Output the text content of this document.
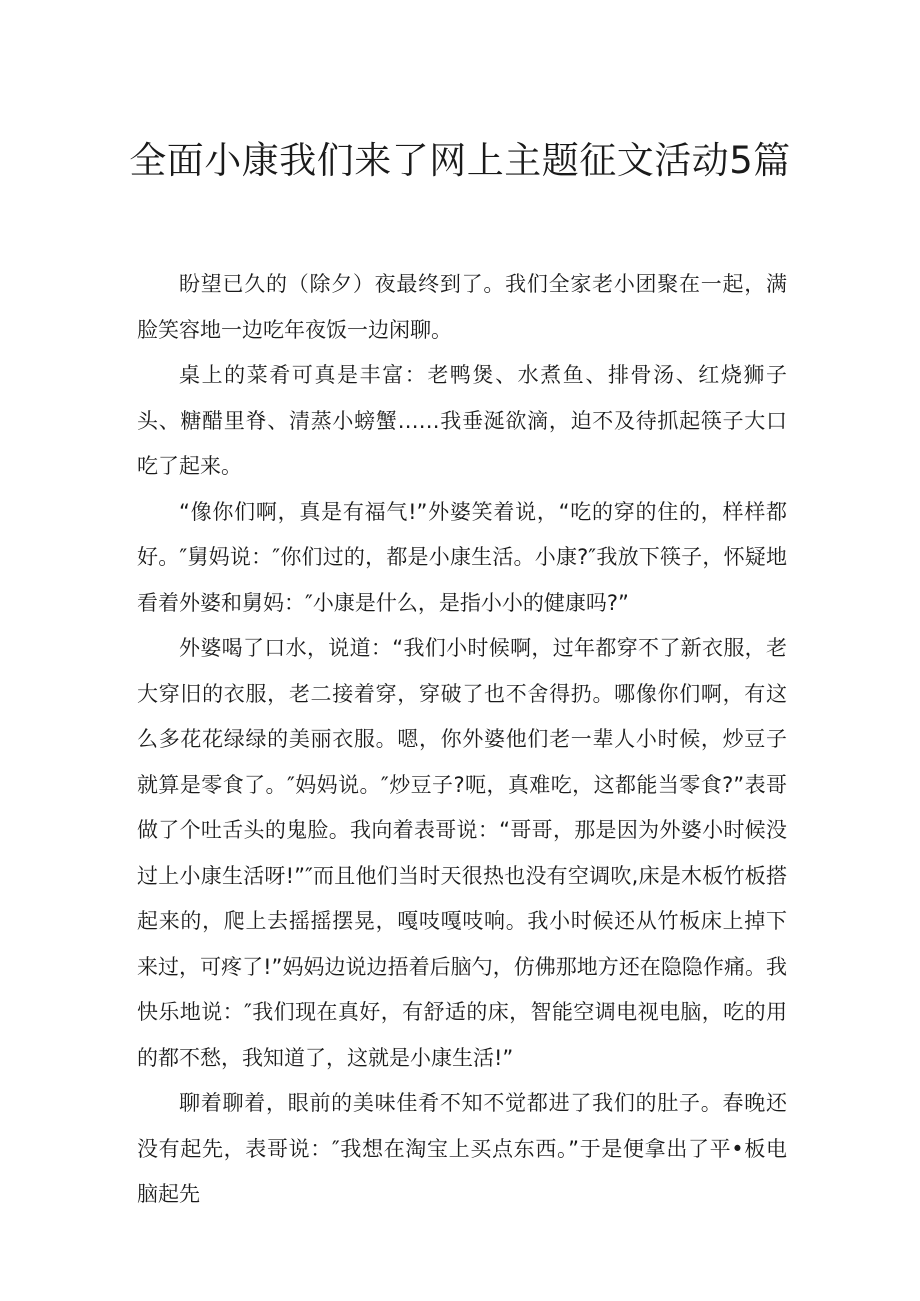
全面小康我们来了网上主题征文活动5篇

盼望已久的（除夕）夜最终到了。我们全家老小团聚在一起，满脸笑容地一边吃年夜饭一边闲聊。

桌上的菜肴可真是丰富：老鸭煲、水煮鱼、排骨汤、红烧狮子头、糖醋里脊、清蒸小螃蟹……我垂涎欲滴，迫不及待抓起筷子大口吃了起来。

“像你们啊，真是有福气!”外婆笑着说，“吃的穿的住的，样样都好。″舅妈说：″你们过的，都是小康生活。小康?″我放下筷子，怀疑地看着外婆和舅妈：″小康是什么，是指小小的健康吗?”

外婆喝了口水，说道：“我们小时候啊，过年都穿不了新衣服，老大穿旧的衣服，老二接着穿，穿破了也不舍得扔。哪像你们啊，有这么多花花绿绿的美丽衣服。嗯，你外婆他们老一辈人小时候，炒豆子就算是零食了。″妈妈说。″炒豆子?呃，真难吃，这都能当零食?”表哥做了个吐舌头的鬼脸。我向着表哥说：“哥哥，那是因为外婆小时候没过上小康生活呀!”″而且他们当时天很热也没有空调吹,床是木板竹板搭起来的，爬上去摇摇摆晃，嘎吱嘎吱响。我小时候还从竹板床上掉下来过，可疼了!”妈妈边说边捂着后脑勺，仿佛那地方还在隐隐作痛。我快乐地说：″我们现在真好，有舒适的床，智能空调电视电脑，吃的用的都不愁，我知道了，这就是小康生活!”

聊着聊着，眼前的美味佳肴不知不觉都进了我们的肚子。春晚还没有起先，表哥说：″我想在淘宝上买点东西。”于是便拿出了平•板电脑起先
